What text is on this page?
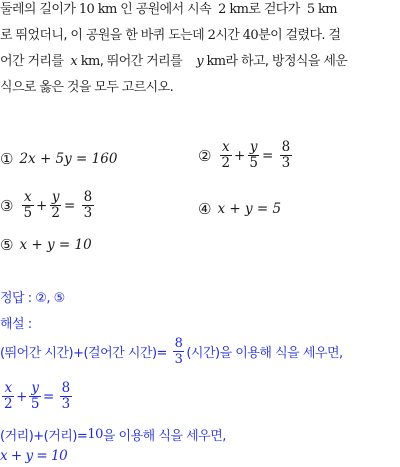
둘레의 길이가 10 km 인 공원에서 시속  2 km로 걷다가  5 km
로 뛰었더니, 이 공원을 한 바퀴 도는데 2시간 40분이 걸렸다. 걸
어간 거리를  x km, 뛰어간 거리를    y km라 하고, 방정식을 세운
식으로 옳은 것을 모두 고르시오.
① 2x + 5y = 160	② $\frac{x}{2} + \frac{y}{5}$ =
$\frac{8}{3}$
③ $\frac{x}{5} + \frac{y}{2}$ =
$\frac{8}{3}$	④ x + y = 5
⑤ x + y = 10
정답 : ②, ⑤
해설 :
(뛰어간 시간)+(걸어간 시간)=
$\frac{8}{3}$ (시간)을 이용해 식을 세우면,
$\frac{x}{2} + \frac{y}{5}$ =
$\frac{8}{3}$
(거리)+(거리)= 10 을 이용해 식을 세우면,
x + y = 10
